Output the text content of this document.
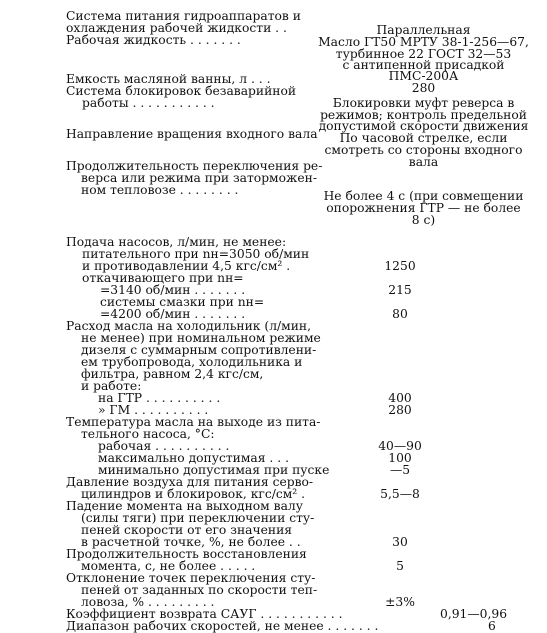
Система питания гидроаппаратов и
охлаждения рабочей жидкости . .
Рабочая жидкость . . . . . . .
Емкость масляной ванны, л . . .
Система блокировок безаварийной
работы . . . . . . . . . . .
Направление вращения входного вала
Продолжительность переключения ре-
верса или режима при заторможен-
ном тепловозе . . . . . . . .
Подача насосов, л/мин, не менее:
питательного при nн=3050 об/мин
и противодавлении 4,5 кгс/см² .
откачивающего при nн=
=3140 об/мин . . . . . . .
системы смазки при nн=
=4200 об/мин . . . . . . .
Расход масла на холодильник (л/мин,
не менее) при номинальном режиме
дизеля с суммарным сопротивлени-
ем трубопровода, холодильника и
фильтра, равном 2,4 кгс/см,
и работе:
на ГТР . . . . . . . . . .
» ГМ . . . . . . . . . .
Температура масла на выходе из пита-
тельного насоса, °С:
рабочая . . . . . . . . . .
максимально допустимая . . .
минимально допустимая при пуске
Давление воздуха для питания серво-
цилиндров и блокировок, кгс/см² .
Падение момента на выходном валу
(силы тяги) при переключении сту-
пеней скорости от его значения
в расчетной точке, %, не более . .
Продолжительность восстановления
момента, с, не более . . . . .
Отклонение точек переключения сту-
пеней от заданных по скорости теп-
ловоза, % . . . . . . . . .
Коэффициент возврата САУГ . . . . . . . . . . .
Диапазон рабочих скоростей, не менее . . . . . . .
Параллельная
Масло ГТ50 МРТУ 38-1-256—67,
турбинное 22 ГОСТ 32—53
с антипенной присадкой
ПМС-200А
280
Блокировки муфт реверса в
режимов; контроль предельной
допустимой скорости движения
По часовой стрелке, если
смотреть со стороны входного
вала
Не более 4 с (при совмещении
опорожнения ГТР — не более
8 с)
1250
215
80
400
280
40—90
100
—5
5,5—8
30
5
±3%
0,91—0,96
6
